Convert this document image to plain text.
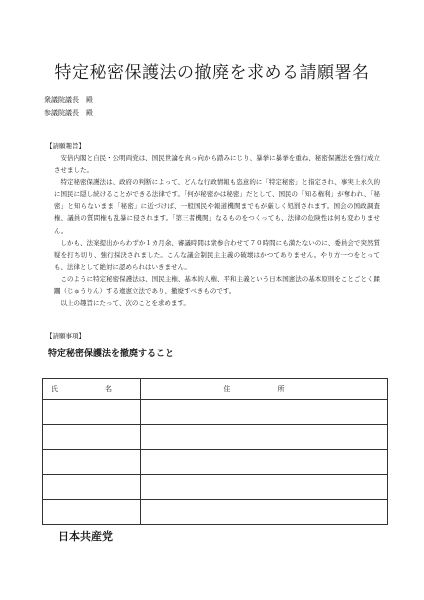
特定秘密保護法の撤廃を求める請願署名
衆議院議長　殿
参議院議長　殿
【請願趣旨】

安倍内閣と自民・公明両党は、国民世論を真っ向から踏みにじり、暴挙に暴挙を重ね、秘密保護法を強行成立させました。

特定秘密保護法は、政府の判断によって、どんな行政情報も恣意的に「特定秘密」と指定され、事実上永久的に国民に隠し続けることができる法律です。「何が秘密かは秘密」だとして、国民の「知る権利」が奪われ、「秘密」と知らないまま「秘密」に近づけば、一般国民や報道機関までもが厳しく処罰されます。国会の国政調査権、議員の質問権も乱暴に侵されます。「第三者機関」なるものをつくっても、法律の危険性は何も変わりません。

しかも、法案提出からわずか１カ月余、審議時間は衆参合わせて７０時間にも満たないのに、委員会で突然質疑を打ち切り、強行採決されました。こんな議会制民主主義の破壊はかつてありません。やり方一つをとっても、法律として絶対に認められはいきません。

このように特定秘密保護法は、国民主権、基本的人権、平和主義という日本国憲法の基本原則をことごとく蹂躙（じゅうりん）する違憲立法であり、撤廃すべきものです。

以上の趣旨にたって、次のことを求めます。

【請願事項】
特定秘密保護法を撤廃すること
氏　名	住　所

日本共産党
